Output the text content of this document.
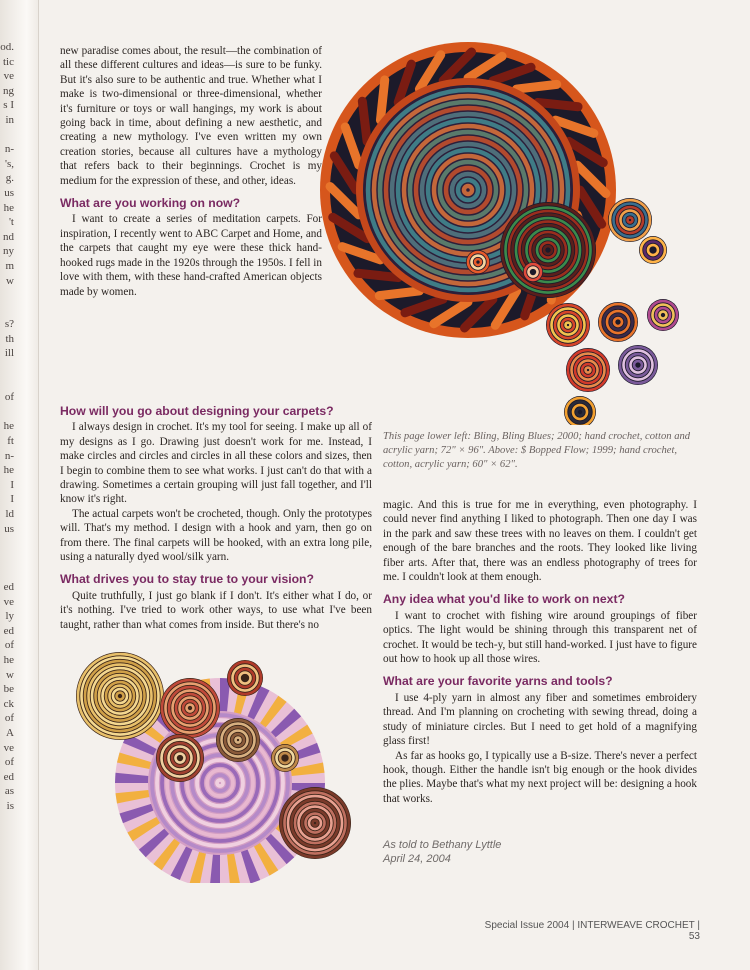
od.
tic
ve
ng
s I
in
n-
's,
g.
us
he
't
nd
ny
m
w
s?
th
ill
of
he
ft
n-
he
I
I
ld
us
ed
ve
ly
ed
of
he
w
be
ck
of
A
ve
of
ed
as
is

new paradise comes about, the result—the combination of all these different cultures and ideas—is sure to be funky. But it's also sure to be authentic and true. Whether what I make is two-dimensional or three-dimensional, whether it's furniture or toys or wall hangings, my work is about going back in time, about defining a new aesthetic, and creating a new mythology. I've even written my own creation stories, because all cultures have a mythology that refers back to their beginnings. Crochet is my medium for the expression of these, and other, ideas.

What are you working on now?

I want to create a series of meditation carpets. For inspiration, I recently went to ABC Carpet and Home, and the carpets that caught my eye were these thick hand-hooked rugs made in the 1920s through the 1950s. I fell in love with them, with these hand-crafted American objects made by women.

How will you go about designing your carpets?

I always design in crochet. It's my tool for seeing. I make up all of my designs as I go. Drawing just doesn't work for me. Instead, I make circles and circles and circles in all these colors and sizes, then I begin to combine them to see what works. I just can't do that with a drawing. Sometimes a certain grouping will just fall together, and I'll know it's right.

The actual carpets won't be crocheted, though. Only the prototypes will. That's my method. I design with a hook and yarn, then go on from there. The final carpets will be hooked, with an extra long pile, using a naturally dyed wool/silk yarn.

What drives you to stay true to your vision?

Quite truthfully, I just go blank if I don't. It's either what I do, or it's nothing. I've tried to work other ways, to use what I've been taught, rather than what comes from inside. But there's no

This page lower left: Bling, Bling Blues; 2000; hand crochet, cotton and acrylic yarn; 72" × 96". Above: $ Bopped Flow; 1999; hand crochet, cotton, acrylic yarn; 60" × 62".

magic. And this is true for me in everything, even photography. I could never find anything I liked to photograph. Then one day I was in the park and saw these trees with no leaves on them. I couldn't get enough of the bare branches and the roots. They looked like living fiber arts. After that, there was an endless photography of trees for me. I couldn't look at them enough.

Any idea what you'd like to work on next?

I want to crochet with fishing wire around groupings of fiber optics. The light would be shining through this transparent net of crochet. It would be tech-y, but still hand-worked. I just have to figure out how to hook up all those wires.

What are your favorite yarns and tools?

I use 4-ply yarn in almost any fiber and sometimes embroidery thread. And I'm planning on crocheting with sewing thread, doing a study of miniature circles. But I need to get hold of a magnifying glass first!

As far as hooks go, I typically use a B-size. There's never a perfect hook, though. Either the handle isn't big enough or the hook divides the plies. Maybe that's what my next project will be: designing a hook that works.

As told to Bethany Lyttle
April 24, 2004
Special Issue 2004 | INTERWEAVE CROCHET | 53
